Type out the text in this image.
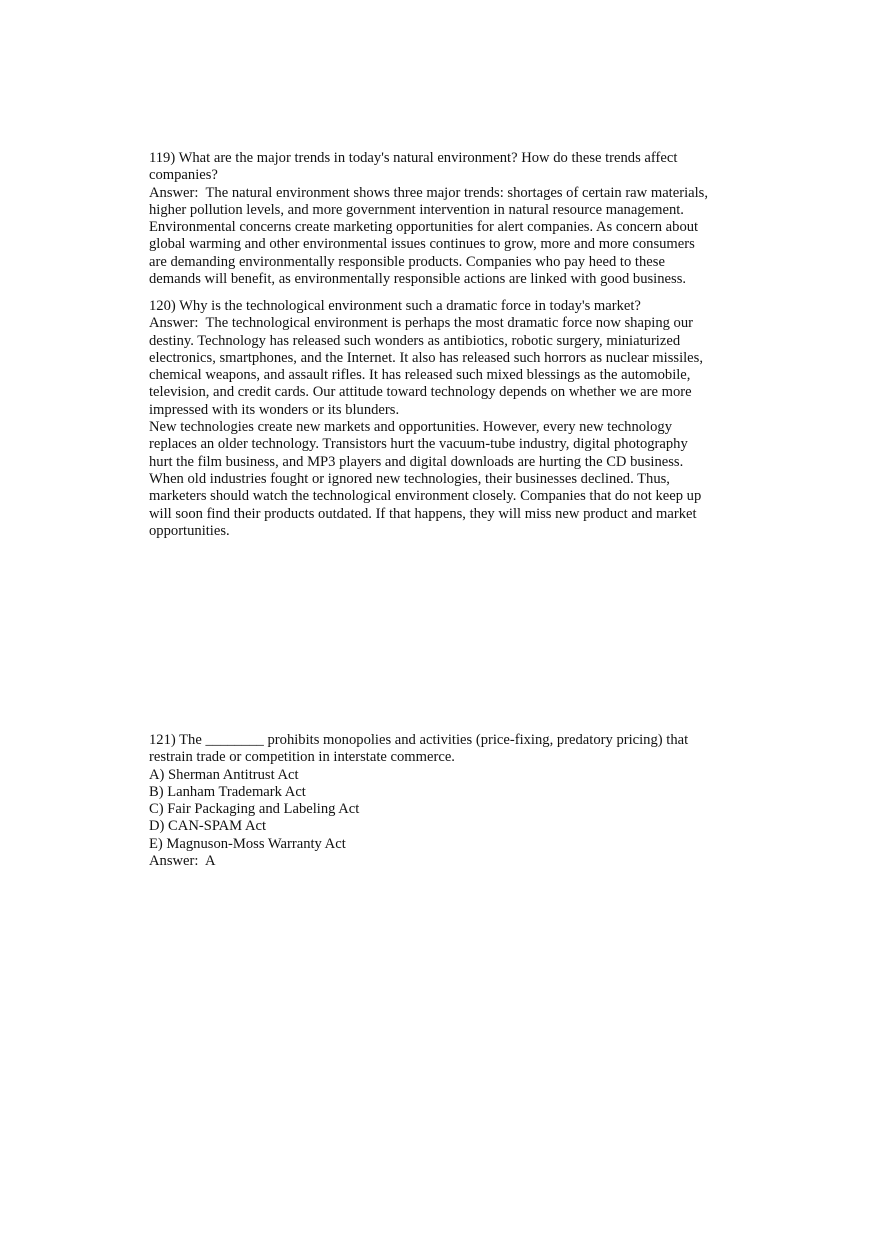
119) What are the major trends in today's natural environment? How do these trends affect
companies?
Answer:  The natural environment shows three major trends: shortages of certain raw materials,
higher pollution levels, and more government intervention in natural resource management.
Environmental concerns create marketing opportunities for alert companies. As concern about
global warming and other environmental issues continues to grow, more and more consumers
are demanding environmentally responsible products. Companies who pay heed to these
demands will benefit, as environmentally responsible actions are linked with good business.
120) Why is the technological environment such a dramatic force in today's market?
Answer:  The technological environment is perhaps the most dramatic force now shaping our
destiny. Technology has released such wonders as antibiotics, robotic surgery, miniaturized
electronics, smartphones, and the Internet. It also has released such horrors as nuclear missiles,
chemical weapons, and assault rifles. It has released such mixed blessings as the automobile,
television, and credit cards. Our attitude toward technology depends on whether we are more
impressed with its wonders or its blunders.
New technologies create new markets and opportunities. However, every new technology
replaces an older technology. Transistors hurt the vacuum-tube industry, digital photography
hurt the film business, and MP3 players and digital downloads are hurting the CD business.
When old industries fought or ignored new technologies, their businesses declined. Thus,
marketers should watch the technological environment closely. Companies that do not keep up
will soon find their products outdated. If that happens, they will miss new product and market
opportunities.
121) The ________ prohibits monopolies and activities (price-fixing, predatory pricing) that
restrain trade or competition in interstate commerce.
A) Sherman Antitrust Act
B) Lanham Trademark Act
C) Fair Packaging and Labeling Act
D) CAN-SPAM Act
E) Magnuson-Moss Warranty Act
Answer:  A
